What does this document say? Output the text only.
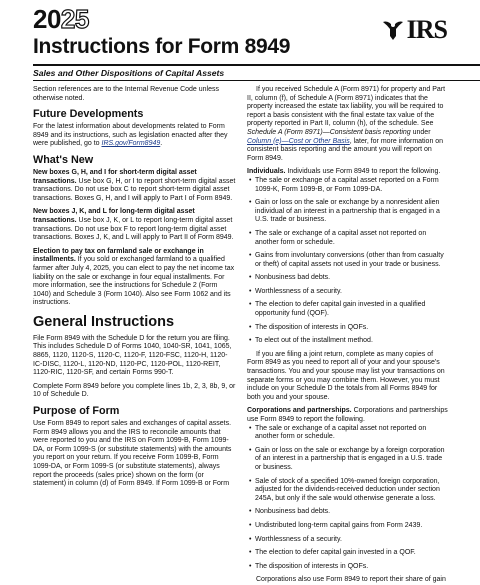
2025
Instructions for Form 8949
IRS
Sales and Other Dispositions of Capital Assets

Section references are to the Internal Revenue Code unless otherwise noted.

Future Developments

For the latest information about developments related to Form 8949 and its instructions, such as legislation enacted after they were published, go to IRS.gov/Form8949.

What's New

New boxes G, H, and I for short-term digital asset transactions. Use box G, H, or I to report short-term digital asset transactions. Do not use box C to report short-term digital asset transactions. Boxes G, H, and I will apply to Part I of Form 8949.

New boxes J, K, and L for long-term digital asset transactions. Use box J, K, or L to report long-term digital asset transactions. Do not use box F to report long-term digital asset transactions. Boxes J, K, and L will apply to Part II of Form 8949.

Election to pay tax on farmland sale or exchange in installments. If you sold or exchanged farmland to a qualified farmer after July 4, 2025, you can elect to pay the net income tax liability on the sale or exchange in four equal installments. For more information, see the instructions for Schedule 2 (Form 1040) and Schedule 3 (Form 1040). Also see Form 1062 and its instructions.

General Instructions

File Form 8949 with the Schedule D for the return you are filing. This includes Schedule D of Forms 1040, 1040-SR, 1041, 1065, 8865, 1120, 1120-S, 1120-C, 1120-F, 1120-FSC, 1120-H, 1120-IC-DISC, 1120-L, 1120-ND, 1120-PC, 1120-POL, 1120-REIT, 1120-RIC, 1120-SF, and certain Forms 990-T.

Complete Form 8949 before you complete lines 1b, 2, 3, 8b, 9, or 10 of Schedule D.

Purpose of Form

Use Form 8949 to report sales and exchanges of capital assets. Form 8949 allows you and the IRS to reconcile amounts that were reported to you and the IRS on Form 1099-B, Form 1099-DA, or Form 1099-S (or substitute statements) with the amounts you report on your return. If you receive Form 1099-B, Form 1099-DA, or Form 1099-S (or substitute statements), always report the proceeds (sales price) shown on the form (or statement) in column (d) of Form 8949. If Form 1099-B or Form

If you received Schedule A (Form 8971) for property and Part II, column (f), of Schedule A (Form 8971) indicates that the property increased the estate tax liability, you will be required to report a basis consistent with the final estate tax value of the property reported in Part II, column (h), of the schedule. See Schedule A (Form 8971)—Consistent basis reporting under Column (e)—Cost or Other Basis, later, for more information on consistent basis reporting and the amount you will report on Form 8949.

Individuals. Individuals use Form 8949 to report the following.

• The sale or exchange of a capital asset reported on a Form 1099-K, Form 1099-B, or Form 1099-DA.

• Gain or loss on the sale or exchange by a nonresident alien individual of an interest in a partnership that is engaged in a U.S. trade or business.

• The sale or exchange of a capital asset not reported on another form or schedule.

• Gains from involuntary conversions (other than from casualty or theft) of capital assets not used in your trade or business.

• Nonbusiness bad debts.

• Worthlessness of a security.

• The election to defer capital gain invested in a qualified opportunity fund (QOF).

• The disposition of interests in QOFs.

• To elect out of the installment method.

If you are filing a joint return, complete as many copies of Form 8949 as you need to report all of your and your spouse's transactions. You and your spouse may list your transactions on separate forms or you may combine them. However, you must include on your Schedule D the totals from all Forms 8949 for both you and your spouse.

Corporations and partnerships. Corporations and partnerships use Form 8949 to report the following.

• The sale or exchange of a capital asset not reported on another form or schedule.

• Gain or loss on the sale or exchange by a foreign corporation of an interest in a partnership that is engaged in a U.S. trade or business.

• Sale of stock of a specified 10%-owned foreign corporation, adjusted for the dividends-received deduction under section 245A, but only if the sale would otherwise generate a loss.

• Nonbusiness bad debts.

• Undistributed long-term capital gains from Form 2439.

• Worthlessness of a security.

• The election to defer capital gain invested in a QOF.

• The disposition of interests in QOFs.

Corporations also use Form 8949 to report their share of gain
